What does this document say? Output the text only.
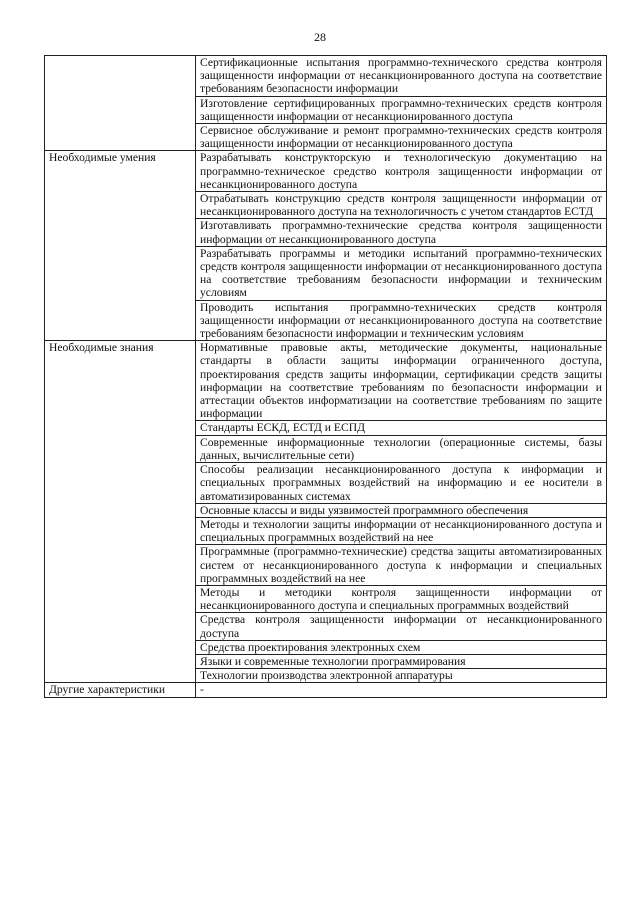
28
	Сертификационные испытания программно-технического средства контроля защищенности информации от несанкционированного доступа на соответствие требованиям безопасности информации
	Изготовление сертифицированных программно-технических средств контроля защищенности информации от несанкционированного доступа
	Сервисное обслуживание и ремонт программно-технических средств контроля защищенности информации от несанкционированного доступа
Необходимые умения	Разрабатывать конструкторскую и технологическую документацию на программно-техническое средство контроля защищенности информации от несанкционированного доступа
	Отрабатывать конструкцию средств контроля защищенности информации от несанкционированного доступа на технологичность с учетом стандартов ЕСТД
	Изготавливать программно-технические средства контроля защищенности информации от несанкционированного доступа
	Разрабатывать программы и методики испытаний программно-технических средств контроля защищенности информации от несанкционированного доступа на соответствие требованиям безопасности информации и техническим условиям
	Проводить испытания программно-технических средств контроля защищенности информации от несанкционированного доступа на соответствие требованиям безопасности информации и техническим условиям
Необходимые знания	Нормативные правовые акты, методические документы, национальные стандарты в области защиты информации ограниченного доступа, проектирования средств защиты информации, сертификации средств защиты информации на соответствие требованиям по безопасности информации и аттестации объектов информатизации на соответствие требованиям по защите информации
	Стандарты ЕСКД, ЕСТД и ЕСПД
	Современные информационные технологии (операционные системы, базы данных, вычислительные сети)
	Способы реализации несанкционированного доступа к информации и специальных программных воздействий на информацию и ее носители в автоматизированных системах
	Основные классы и виды уязвимостей программного обеспечения
	Методы и технологии защиты информации от несанкционированного доступа и специальных программных воздействий на нее
	Программные (программно-технические) средства защиты автоматизированных систем от несанкционированного доступа к информации и специальных программных воздействий на нее
	Методы и методики контроля защищенности информации от несанкционированного доступа и специальных программных воздействий
	Средства контроля защищенности информации от несанкционированного доступа
	Средства проектирования электронных схем
	Языки и современные технологии программирования
	Технологии производства электронной аппаратуры
Другие характеристики	-
